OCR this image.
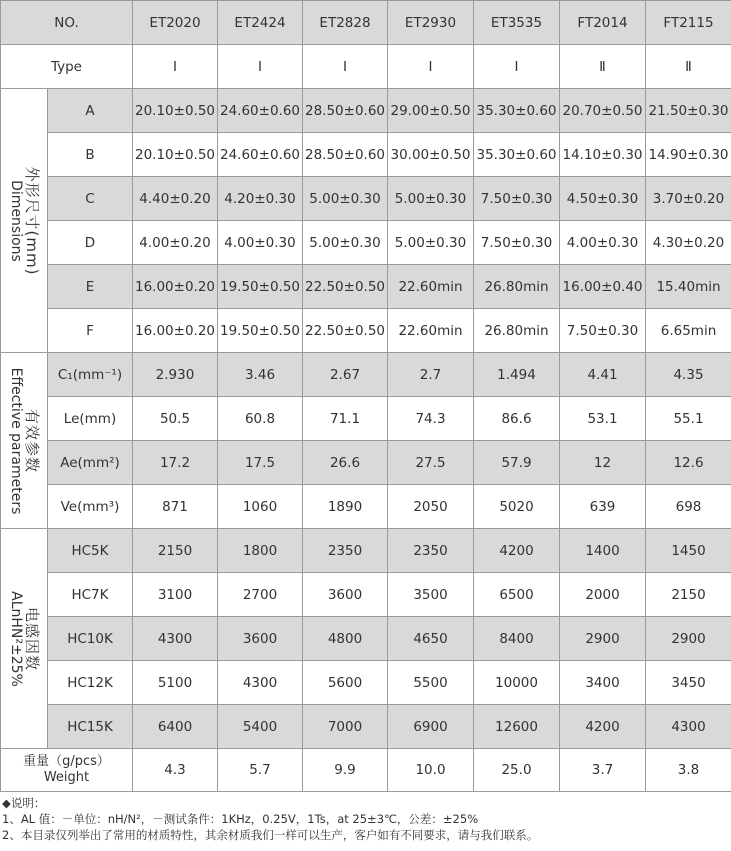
NO.		ET2020	ET2424	ET2828	ET2930	ET3535	FT2014	FT2115
Type		Ⅰ	Ⅰ	Ⅰ	Ⅰ	Ⅰ	Ⅱ	Ⅱ

外形尺寸(mm)
Dimensions	A	20.10±0.50	24.60±0.60	28.50±0.60	29.00±0.50	35.30±0.60	20.70±0.50	21.50±0.30
	B	20.10±0.50	24.60±0.60	28.50±0.60	30.00±0.50	35.30±0.60	14.10±0.30	14.90±0.30
	C	4.40±0.20	4.20±0.30	5.00±0.30	5.00±0.30	7.50±0.30	4.50±0.30	3.70±0.20
	D	4.00±0.20	4.00±0.30	5.00±0.30	5.00±0.30	7.50±0.30	4.00±0.30	4.30±0.20
	E	16.00±0.20	19.50±0.50	22.50±0.50	22.60min	26.80min	16.00±0.40	15.40min
	F	16.00±0.20	19.50±0.50	22.50±0.50	22.60min	26.80min	7.50±0.30	6.65min

有效参数
Effective parameters	C₁(mm⁻¹)	2.930	3.46	2.67	2.7	1.494	4.41	4.35
	Le(mm)	50.5	60.8	71.1	74.3	86.6	53.1	55.1
	Ae(mm²)	17.2	17.5	26.6	27.5	57.9	12	12.6
	Ve(mm³)	871	1060	1890	2050	5020	639	698

电感因数
ALnHN²±25%	HC5K	2150	1800	2350	2350	4200	1400	1450
	HC7K	3100	2700	3600	3500	6500	2000	2150
	HC10K	4300	3600	4800	4650	8400	2900	2900
	HC12K	5100	4300	5600	5500	10000	3400	3450
	HC15K	6400	5400	7000	6900	12600	4200	4300

重量（g/pcs）
Weight		4.3	5.7	9.9	10.0	25.0	3.7	3.8
◆说明：
1、AL 值：－单位：nH/N²，－测试条件：1KHz，0.25V，1Ts，at 25±3℃，公差：±25%
2、本目录仅列举出了常用的材质特性，其余材质我们一样可以生产，客户如有不同要求，请与我们联系。
